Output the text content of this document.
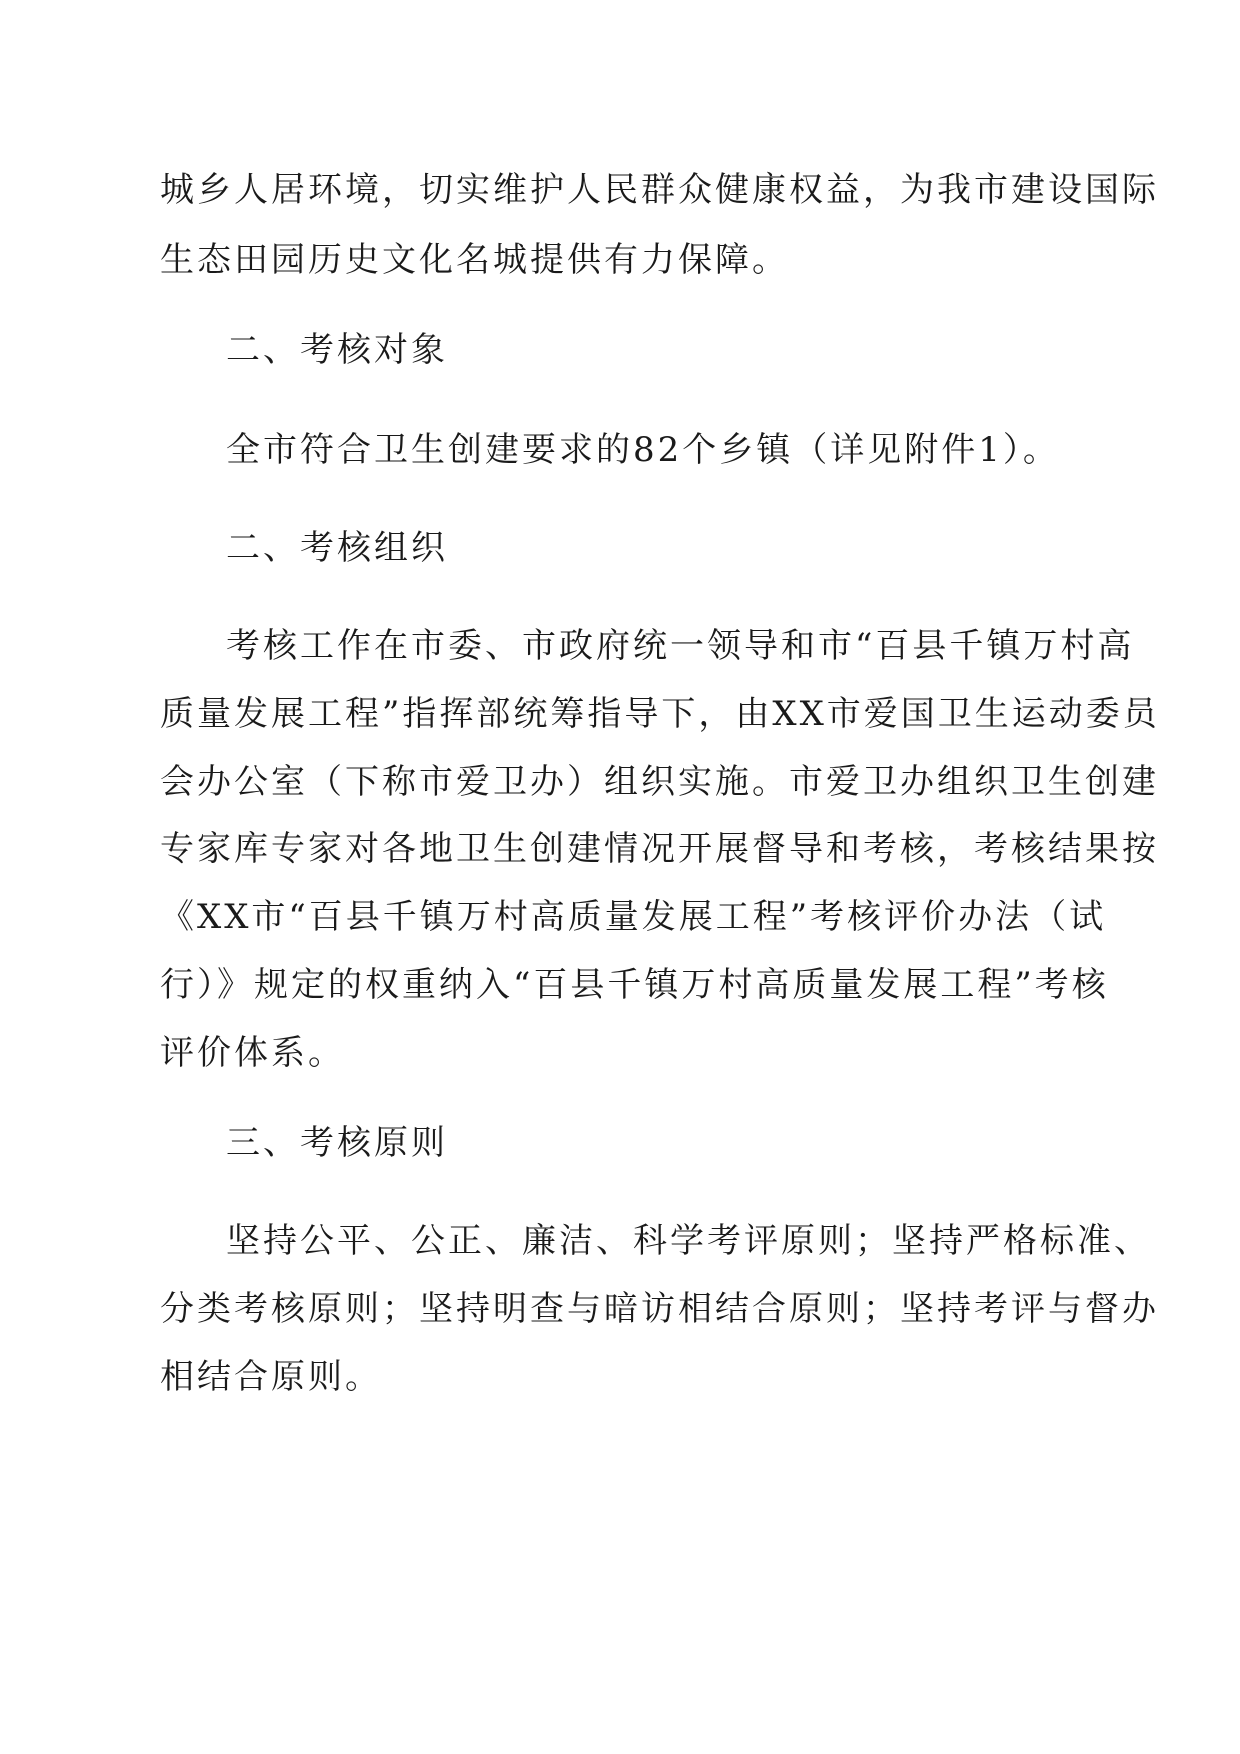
城乡人居环境，切实维护人民群众健康权益，为我市建设国际
生态田园历史文化名城提供有力保障。
二、考核对象
全市符合卫生创建要求的82个乡镇（详见附件1）。
二、考核组织
考核工作在市委、市政府统一领导和市“百县千镇万村高
质量发展工程”指挥部统筹指导下，由XX市爱国卫生运动委员
会办公室（下称市爱卫办）组织实施。市爱卫办组织卫生创建
专家库专家对各地卫生创建情况开展督导和考核，考核结果按
《XX市“百县千镇万村高质量发展工程”考核评价办法（试
行）》规定的权重纳入“百县千镇万村高质量发展工程”考核
评价体系。
三、考核原则
坚持公平、公正、廉洁、科学考评原则；坚持严格标准、
分类考核原则；坚持明查与暗访相结合原则；坚持考评与督办
相结合原则。
